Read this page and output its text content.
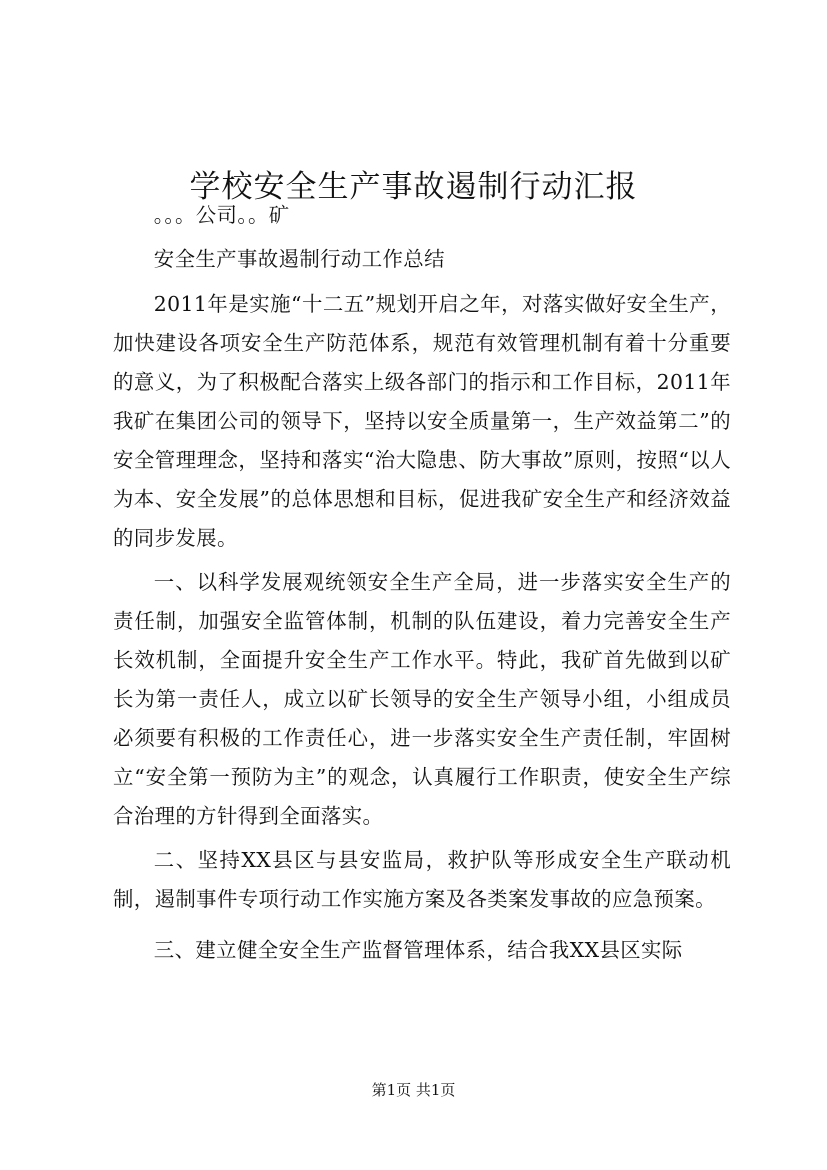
学校安全生产事故遏制行动汇报

。。。公司。。矿

安全生产事故遏制行动工作总结

2011年是实施“十二五”规划开启之年，对落实做好安全生产，加快建设各项安全生产防范体系，规范有效管理机制有着十分重要的意义，为了积极配合落实上级各部门的指示和工作目标，2011年我矿在集团公司的领导下，坚持以安全质量第一，生产效益第二”的安全管理理念，坚持和落实“治大隐患、防大事故”原则，按照“以人为本、安全发展”的总体思想和目标，促进我矿安全生产和经济效益的同步发展。

一、以科学发展观统领安全生产全局，进一步落实安全生产的责任制，加强安全监管体制，机制的队伍建设，着力完善安全生产长效机制，全面提升安全生产工作水平。特此，我矿首先做到以矿长为第一责任人，成立以矿长领导的安全生产领导小组，小组成员必须要有积极的工作责任心，进一步落实安全生产责任制，牢固树立“安全第一预防为主”的观念，认真履行工作职责，使安全生产综合治理的方针得到全面落实。

二、坚持XX县区与县安监局，救护队等形成安全生产联动机制，遏制事件专项行动工作实施方案及各类案发事故的应急预案。

三、建立健全安全生产监督管理体系，结合我XX县区实际

第1页 共1页
